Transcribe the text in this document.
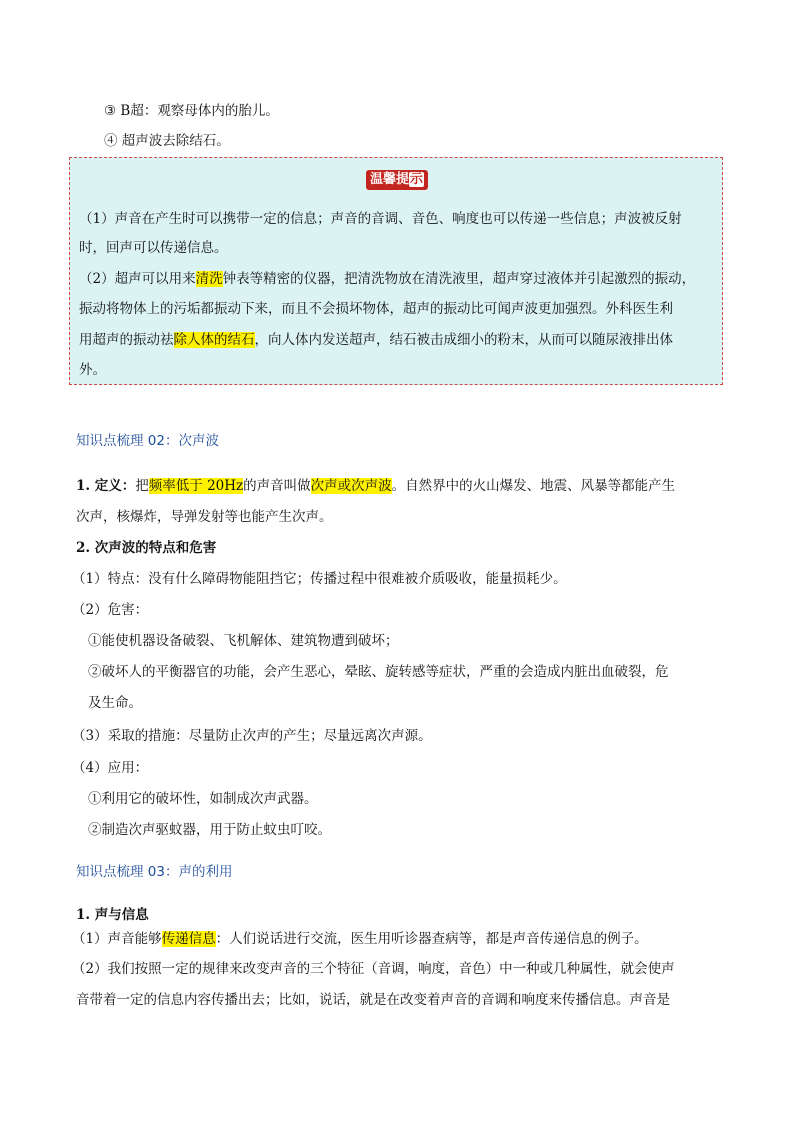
③ B超：观察母体内的胎儿。
④ 超声波去除结石。
温馨提示
（1）声音在产生时可以携带一定的信息；声音的音调、音色、响度也可以传递一些信息；声波被反射
时，回声可以传递信息。
（2）超声可以用来清洗钟表等精密的仪器，把清洗物放在清洗液里，超声穿过液体并引起激烈的振动，
振动将物体上的污垢都振动下来，而且不会损坏物体，超声的振动比可闻声波更加强烈。外科医生利
用超声的振动祛除人体的结石，向人体内发送超声，结石被击成细小的粉末，从而可以随尿液排出体
外。
知识点梳理 02：次声波
1. 定义：把频率低于 20Hz的声音叫做次声或次声波。自然界中的火山爆发、地震、风暴等都能产生
次声，核爆炸，导弹发射等也能产生次声。
2. 次声波的特点和危害
（1）特点：没有什么障碍物能阻挡它；传播过程中很难被介质吸收，能量损耗少。
（2）危害：
①能使机器设备破裂、飞机解体、建筑物遭到破坏；
②破坏人的平衡器官的功能，会产生恶心，晕眩、旋转感等症状，严重的会造成内脏出血破裂，危
及生命。
（3）采取的措施：尽量防止次声的产生；尽量远离次声源。
（4）应用：
①利用它的破坏性，如制成次声武器。
②制造次声驱蚊器，用于防止蚊虫叮咬。
知识点梳理 03：声的利用
1. 声与信息
（1）声音能够传递信息：人们说话进行交流，医生用听诊器查病等，都是声音传递信息的例子。
（2）我们按照一定的规律来改变声音的三个特征（音调，响度，音色）中一种或几种属性，就会使声
音带着一定的信息内容传播出去；比如，说话，就是在改变着声音的音调和响度来传播信息。声音是
